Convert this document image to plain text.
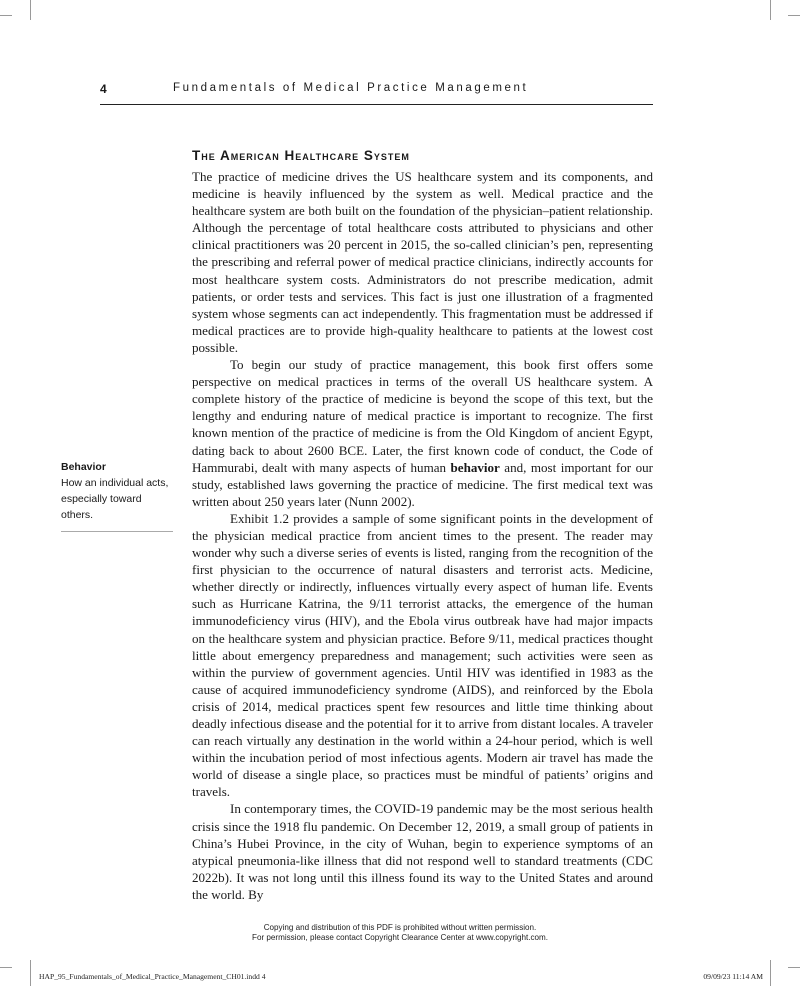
4	Fundamentals of Medical Practice Management
The American Healthcare System
Behavior
How an individual acts, especially toward others.

The practice of medicine drives the US healthcare system and its components, and medicine is heavily influenced by the system as well. Medical practice and the healthcare system are both built on the foundation of the physician–patient relationship. Although the percentage of total healthcare costs attributed to physicians and other clinical practitioners was 20 percent in 2015, the so-called clinician’s pen, representing the prescribing and referral power of medical practice clinicians, indirectly accounts for most healthcare system costs. Administrators do not prescribe medication, admit patients, or order tests and services. This fact is just one illustration of a fragmented system whose segments can act independently. This fragmentation must be addressed if medical practices are to provide high-quality healthcare to patients at the lowest cost possible.

To begin our study of practice management, this book first offers some perspective on medical practices in terms of the overall US healthcare system. A complete history of the practice of medicine is beyond the scope of this text, but the lengthy and enduring nature of medical practice is important to recognize. The first known mention of the practice of medicine is from the Old Kingdom of ancient Egypt, dating back to about 2600 BCE. Later, the first known code of conduct, the Code of Hammurabi, dealt with many aspects of human behavior and, most important for our study, established laws governing the practice of medicine. The first medical text was written about 250 years later (Nunn 2002).

Exhibit 1.2 provides a sample of some significant points in the development of the physician medical practice from ancient times to the present. The reader may wonder why such a diverse series of events is listed, ranging from the recognition of the first physician to the occurrence of natural disasters and terrorist acts. Medicine, whether directly or indirectly, influences virtually every aspect of human life. Events such as Hurricane Katrina, the 9/11 terrorist attacks, the emergence of the human immunodeficiency virus (HIV), and the Ebola virus outbreak have had major impacts on the healthcare system and physician practice. Before 9/11, medical practices thought little about emergency preparedness and management; such activities were seen as within the purview of government agencies. Until HIV was identified in 1983 as the cause of acquired immunodeficiency syndrome (AIDS), and reinforced by the Ebola crisis of 2014, medical practices spent few resources and little time thinking about deadly infectious disease and the potential for it to arrive from distant locales. A traveler can reach virtually any destination in the world within a 24-hour period, which is well within the incubation period of most infectious agents. Modern air travel has made the world of disease a single place, so practices must be mindful of patients’ origins and travels.

In contemporary times, the COVID-19 pandemic may be the most serious health crisis since the 1918 flu pandemic. On December 12, 2019, a small group of patients in China’s Hubei Province, in the city of Wuhan, begin to experience symptoms of an atypical pneumonia-like illness that did not respond well to standard treatments (CDC 2022b). It was not long until this illness found its way to the United States and around the world. By

Copying and distribution of this PDF is prohibited without written permission.
For permission, please contact Copyright Clearance Center at www.copyright.com.
HAP_95_Fundamentals_of_Medical_Practice_Management_CH01.indd 4	09/09/23 11:14 AM
